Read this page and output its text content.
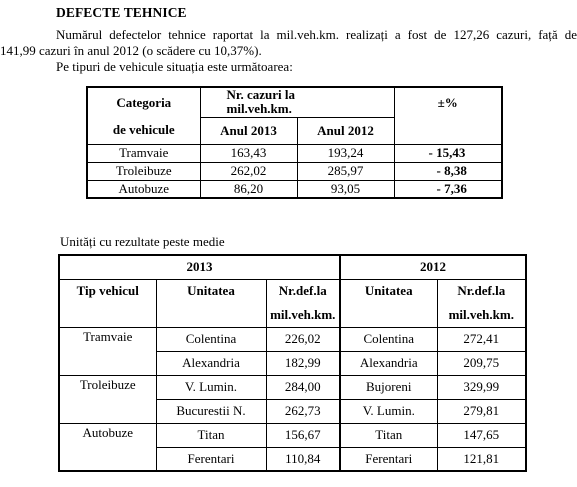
DEFECTE TEHNICE
Numărul defectelor tehnice raportat la mil.veh.km. realizați a fost de 127,26 cazuri, față de
141,99 cazuri în anul 2012 (o scădere cu 10,37%).
Pe tipuri de vehicule situația este următoarea:
Categoria	Nr. cazuri lamil.veh.km.		±%
de vehicule	Anul 2013	Anul 2012	
Tramvaie	163,43	193,24	- 15,43
Troleibuze	262,02	285,97	- 8,38
Autobuze	86,20	93,05	- 7,36
Unități cu rezultate peste medie
2013			2012	
Tip vehicul	Unitatea	Nr.def.la	Unitatea	Nr.def.la
		mil.veh.km.		mil.veh.km.
Tramvaie	Colentina	226,02	Colentina	272,41
	Alexandria	182,99	Alexandria	209,75
Troleibuze	V. Lumin.	284,00	Bujoreni	329,99
	Bucurestii N.	262,73	V. Lumin.	279,81
Autobuze	Titan	156,67	Titan	147,65
	Ferentari	110,84	Ferentari	121,81
